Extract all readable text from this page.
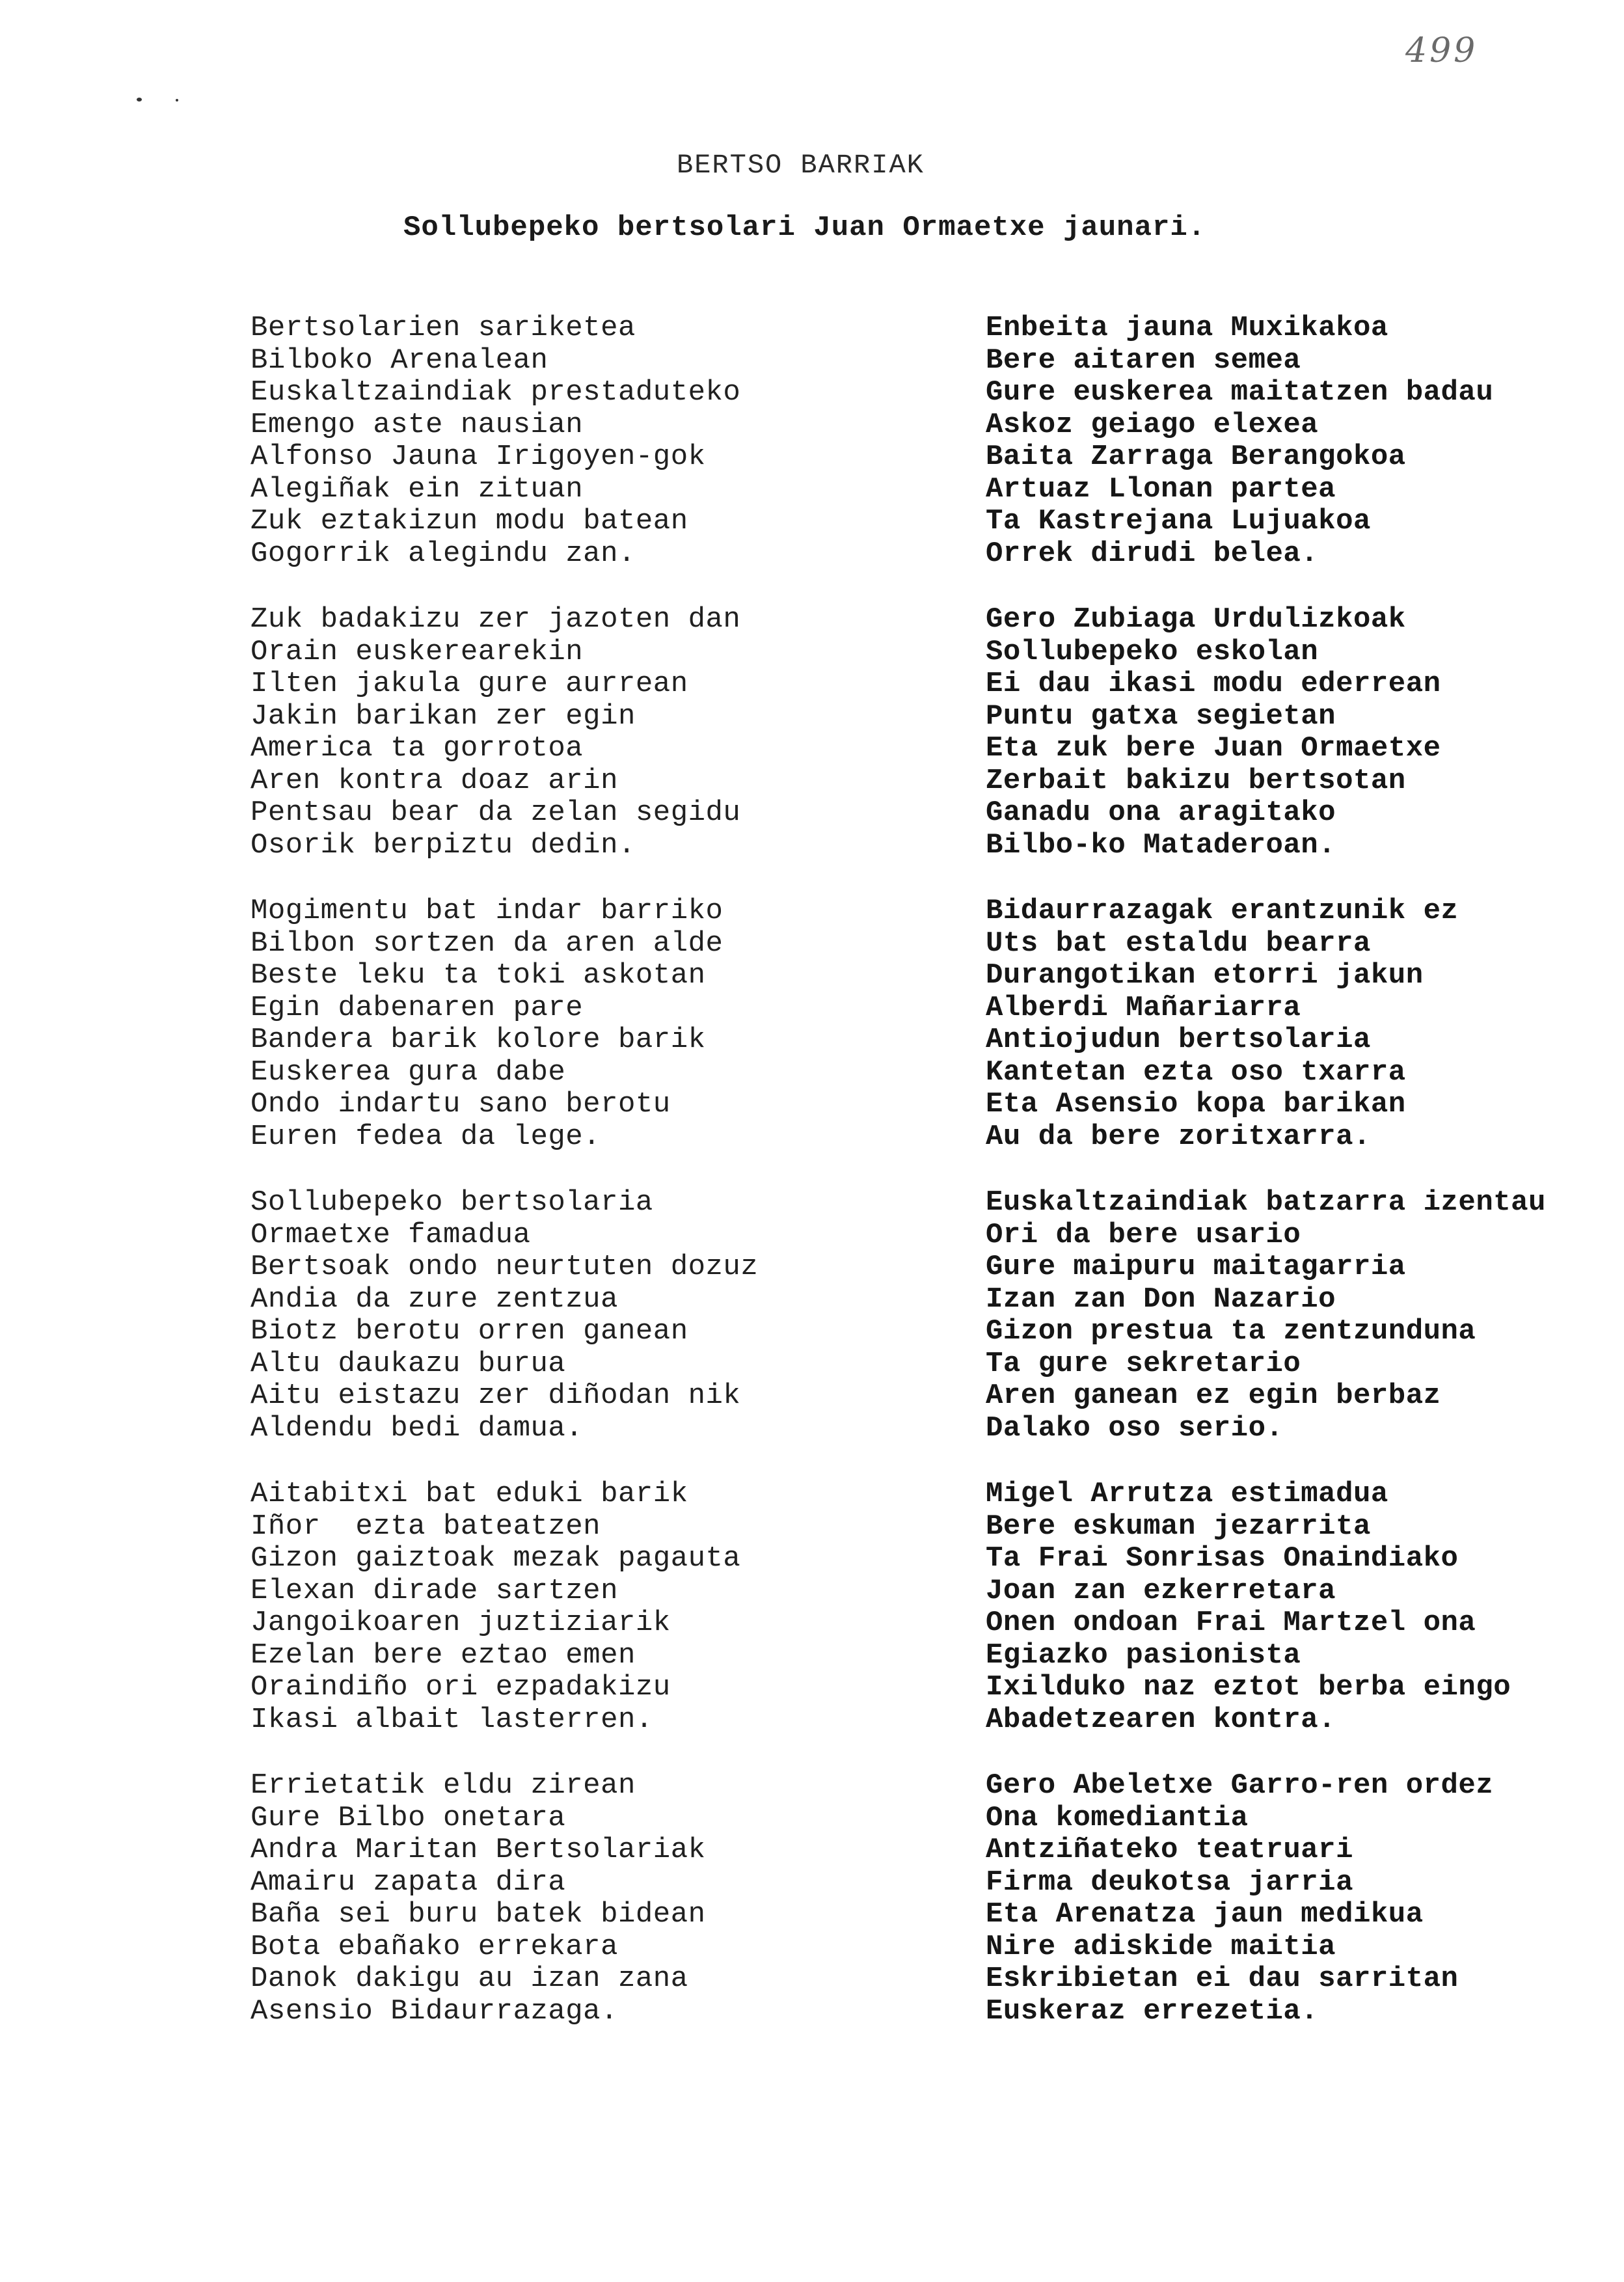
499
BERTSO BARRIAK
Sollubepeko bertsolari Juan Ormaetxe jaunari.
Bertsolarien sariketea
Bilboko Arenalean
Euskaltzaindiak prestaduteko
Emengo aste nausian
Alfonso Jauna Irigoyen-gok
Alegiñak ein zituan
Zuk eztakizun modu batean
Gogorrik alegindu zan.
Zuk badakizu zer jazoten dan
Orain euskerearekin
Ilten jakula gure aurrean
Jakin barikan zer egin
America ta gorrotoa
Aren kontra doaz arin
Pentsau bear da zelan segidu
Osorik berpiztu dedin.
Mogimentu bat indar barriko
Bilbon sortzen da aren alde
Beste leku ta toki askotan
Egin dabenaren pare
Bandera barik kolore barik
Euskerea gura dabe
Ondo indartu sano berotu
Euren fedea da lege.
Sollubepeko bertsolaria
Ormaetxe famadua
Bertsoak ondo neurtuten dozuz
Andia da zure zentzua
Biotz berotu orren ganean
Altu daukazu burua
Aitu eistazu zer diñodan nik
Aldendu bedi damua.
Aitabitxi bat eduki barik
Iñor  ezta bateatzen
Gizon gaiztoak mezak pagauta
Elexan dirade sartzen
Jangoikoaren juztiziarik
Ezelan bere eztao emen
Oraindiño ori ezpadakizu
Ikasi albait lasterren.
Errietatik eldu zirean
Gure Bilbo onetara
Andra Maritan Bertsolariak
Amairu zapata dira
Baña sei buru batek bidean
Bota ebañako errekara
Danok dakigu au izan zana
Asensio Bidaurrazaga.
Enbeita jauna Muxikakoa
Bere aitaren semea
Gure euskerea maitatzen badau
Askoz geiago elexea
Baita Zarraga Berangokoa
Artuaz Llonan partea
Ta Kastrejana Lujuakoa
Orrek dirudi belea.
Gero Zubiaga Urdulizkoak
Sollubepeko eskolan
Ei dau ikasi modu ederrean
Puntu gatxa segietan
Eta zuk bere Juan Ormaetxe
Zerbait bakizu bertsotan
Ganadu ona aragitako
Bilbo-ko Mataderoan.
Bidaurrazagak erantzunik ez
Uts bat estaldu bearra
Durangotikan etorri jakun
Alberdi Mañariarra
Antiojudun bertsolaria
Kantetan ezta oso txarra
Eta Asensio kopa barikan
Au da bere zoritxarra.
Euskaltzaindiak batzarra izentau
Ori da bere usario
Gure maipuru maitagarria
Izan zan Don Nazario
Gizon prestua ta zentzunduna
Ta gure sekretario
Aren ganean ez egin berbaz
Dalako oso serio.
Migel Arrutza estimadua
Bere eskuman jezarrita
Ta Frai Sonrisas Onaindiako
Joan zan ezkerretara
Onen ondoan Frai Martzel ona
Egiazko pasionista
Ixilduko naz eztot berba eingo
Abadetzearen kontra.
Gero Abeletxe Garro-ren ordez
Ona komediantia
Antziñateko teatruari
Firma deukotsa jarria
Eta Arenatza jaun medikua
Nire adiskide maitia
Eskribietan ei dau sarritan
Euskeraz errezetia.
